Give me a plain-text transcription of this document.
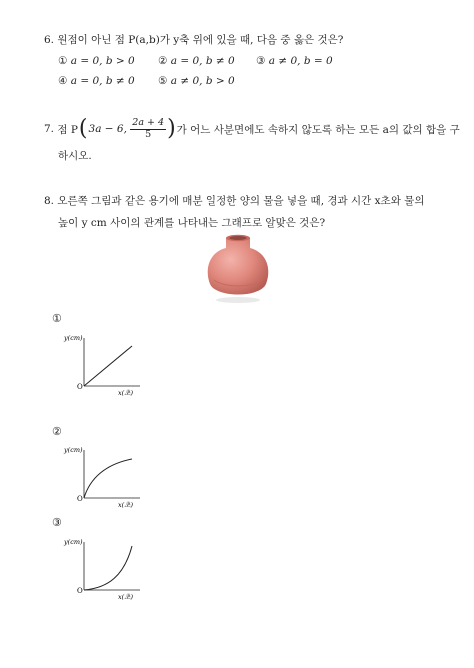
6. 원점이 아닌 점 P(a,b)가 y축 위에 있을 때, 다음 중 옳은 것은?
① a = 0, b > 0 ② a = 0, b ≠ 0 ③ a ≠ 0, b = 0
④ a = 0, b ≠ 0 ⑤ a ≠ 0, b > 0
7.
점 P ( 3a − 6,
$\frac{2a + 4}{5}$ ) 가 어느 사분면에도 속하지 않도록 하는 모든 a의 값의 합을 구
하시오.
8. 오른쪽 그림과 같은 용기에 매분 일정한 양의 물을 넣을 때, 경과 시간 x초와 물의
높이 y cm 사이의 관계를 나타내는 그래프로 알맞은 것은?
①
y(cm)
O
x(초)
②
y(cm)
O
x(초)
③
y(cm)
O
x(초)
